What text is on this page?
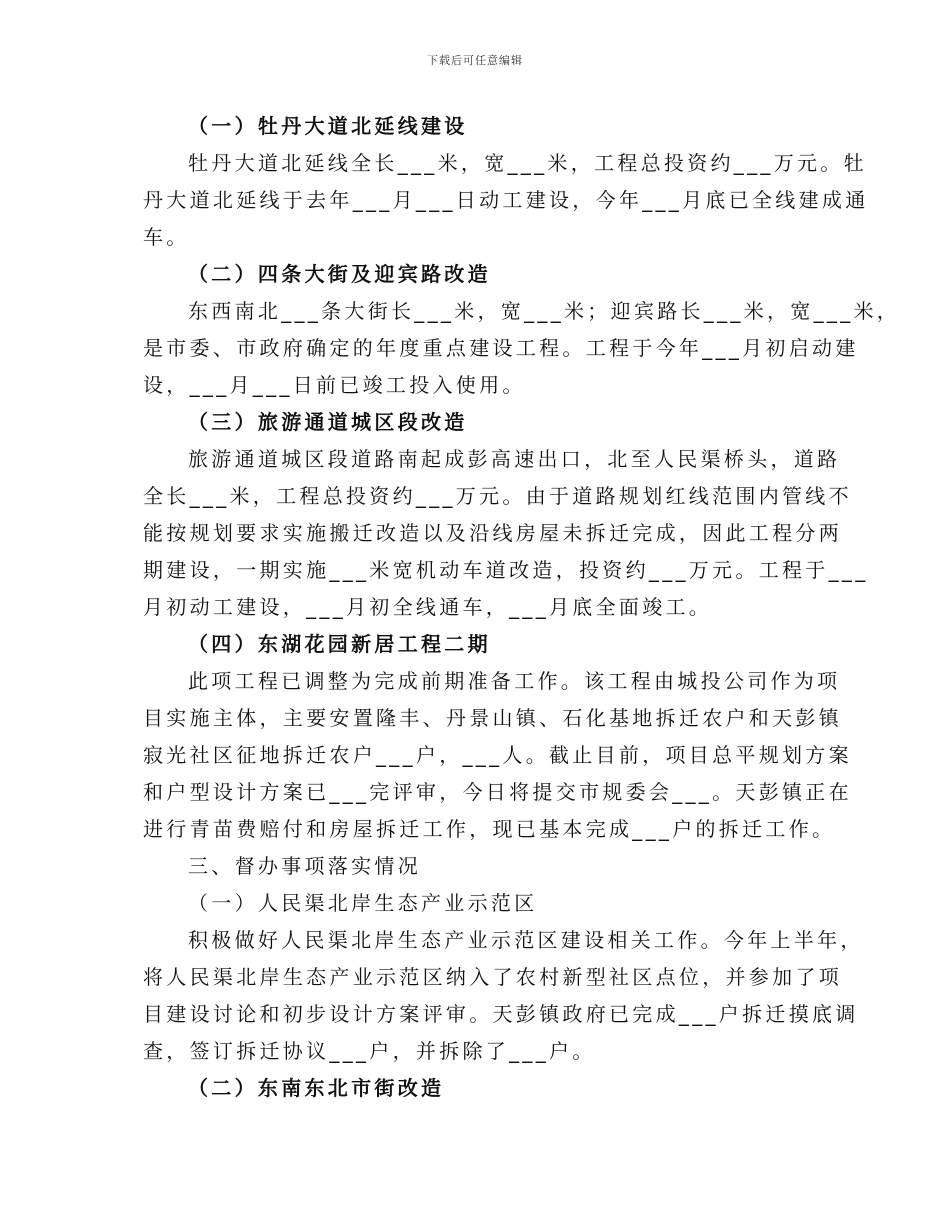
下载后可任意编辑
（一）牡丹大道北延线建设
牡丹大道北延线全长___米，宽___米，工程总投资约___万元。牡
丹大道北延线于去年___月___日动工建设，今年___月底已全线建成通
车。
（二）四条大街及迎宾路改造
东西南北___条大街长___米，宽___米；迎宾路长___米，宽___米，
是市委、市政府确定的年度重点建设工程。工程于今年___月初启动建
设，___月___日前已竣工投入使用。
（三）旅游通道城区段改造
旅游通道城区段道路南起成彭高速出口，北至人民渠桥头，道路
全长___米，工程总投资约___万元。由于道路规划红线范围内管线不
能按规划要求实施搬迁改造以及沿线房屋未拆迁完成，因此工程分两
期建设，一期实施___米宽机动车道改造，投资约___万元。工程于___
月初动工建设，___月初全线通车，___月底全面竣工。
（四）东湖花园新居工程二期
此项工程已调整为完成前期准备工作。该工程由城投公司作为项
目实施主体，主要安置隆丰、丹景山镇、石化基地拆迁农户和天彭镇
寂光社区征地拆迁农户___户，___人。截止目前，项目总平规划方案
和户型设计方案已___完评审，今日将提交市规委会___。天彭镇正在
进行青苗费赔付和房屋拆迁工作，现已基本完成___户的拆迁工作。
三、督办事项落实情况
（一）人民渠北岸生态产业示范区
积极做好人民渠北岸生态产业示范区建设相关工作。今年上半年，
将人民渠北岸生态产业示范区纳入了农村新型社区点位，并参加了项
目建设讨论和初步设计方案评审。天彭镇政府已完成___户拆迁摸底调
查，签订拆迁协议___户，并拆除了___户。
（二）东南东北市街改造
